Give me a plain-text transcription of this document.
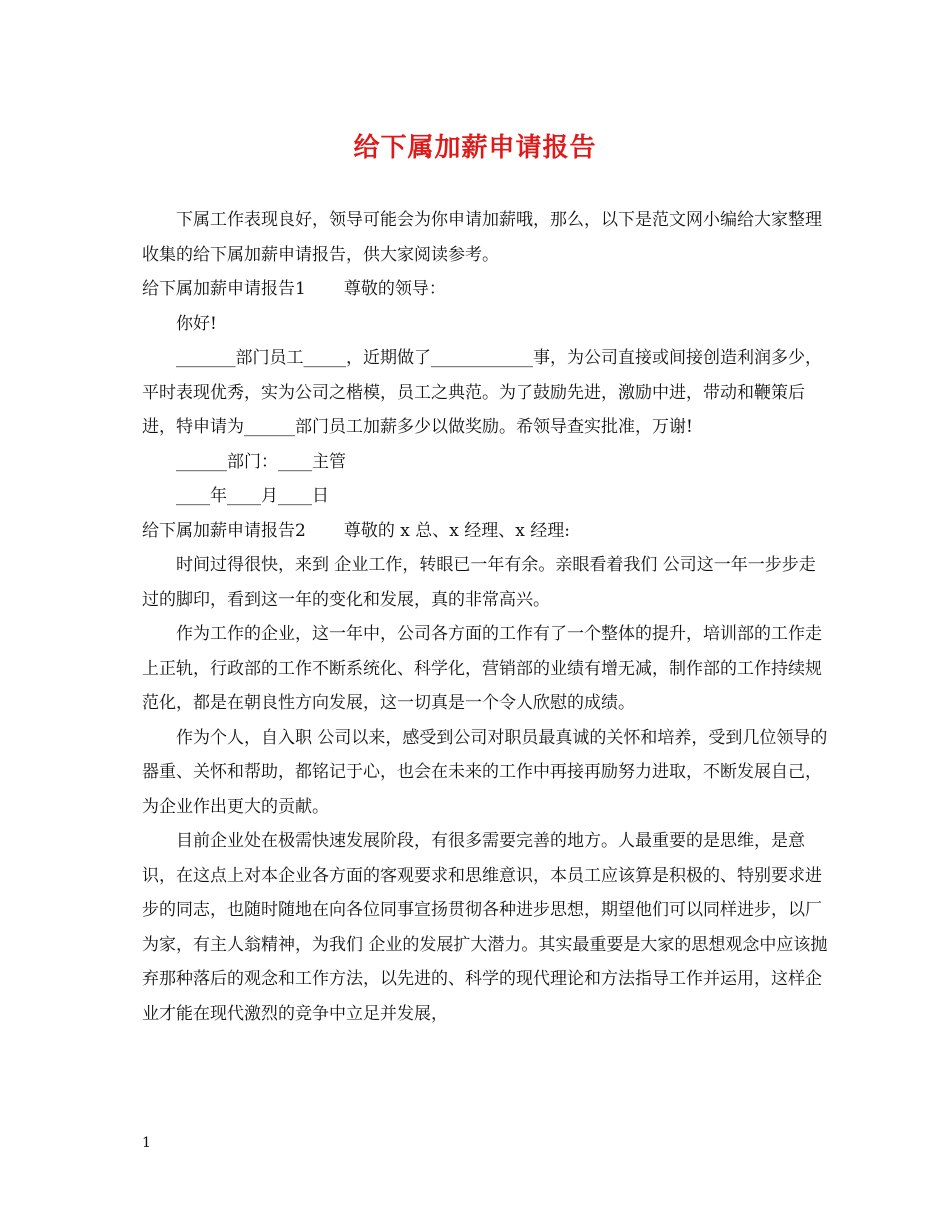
给下属加薪申请报告

下属工作表现良好，领导可能会为你申请加薪哦，那么，以下是范文网小编给大家整理收集的给下属加薪申请报告，供大家阅读参考。

给下属加薪申请报告1 尊敬的领导：

你好!

_______部门员工_____，近期做了____________事，为公司直接或间接创造利润多少，平时表现优秀，实为公司之楷模，员工之典范。为了鼓励先进，激励中进，带动和鞭策后进，特申请为______部门员工加薪多少以做奖励。希领导查实批准，万谢!

______部门：____主管

____年____月____日

给下属加薪申请报告2 尊敬的 x 总、x 经理、x 经理:

时间过得很快，来到 企业工作，转眼已一年有余。亲眼看着我们 公司这一年一步步走过的脚印，看到这一年的变化和发展，真的非常高兴。

作为工作的企业，这一年中，公司各方面的工作有了一个整体的提升，培训部的工作走上正轨，行政部的工作不断系统化、科学化，营销部的业绩有增无减，制作部的工作持续规范化，都是在朝良性方向发展，这一切真是一个令人欣慰的成绩。

作为个人，自入职 公司以来，感受到公司对职员最真诚的关怀和培养，受到几位领导的器重、关怀和帮助，都铭记于心，也会在未来的工作中再接再励努力进取，不断发展自己，为企业作出更大的贡献。

目前企业处在极需快速发展阶段，有很多需要完善的地方。人最重要的是思维，是意识，在这点上对本企业各方面的客观要求和思维意识，本员工应该算是积极的、特别要求进步的同志，也随时随地在向各位同事宣扬贯彻各种进步思想，期望他们可以同样进步，以厂为家，有主人翁精神，为我们 企业的发展扩大潜力。其实最重要是大家的思想观念中应该抛弃那种落后的观念和工作方法，以先进的、科学的现代理论和方法指导工作并运用，这样企业才能在现代激烈的竞争中立足并发展，

1
